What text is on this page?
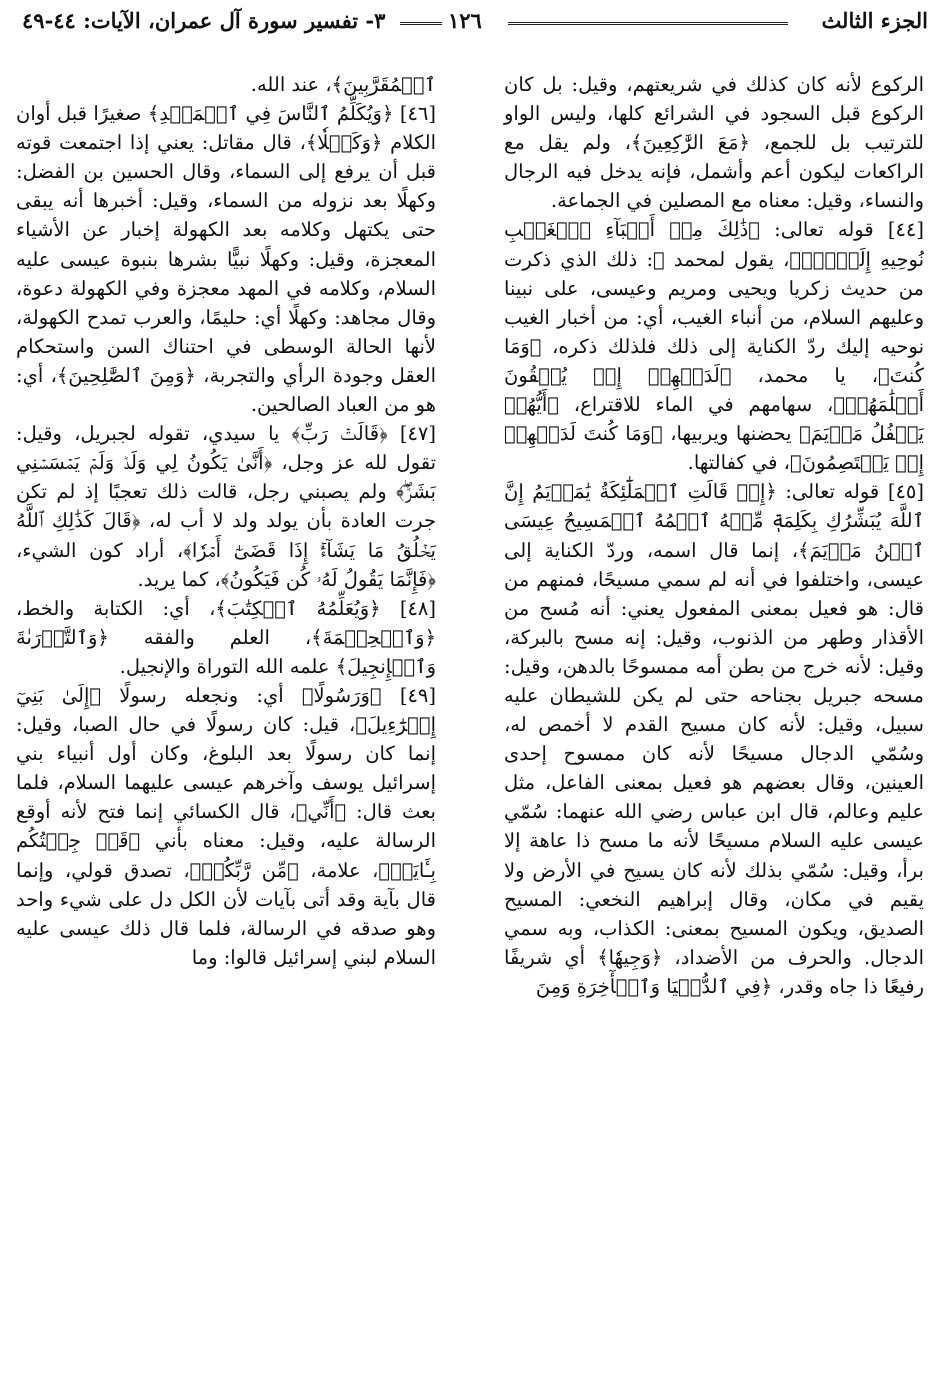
الجزء الثالث
١٢٦
٣- تفسير سورة آل عمران، الآيات: ٤٤-٤٩

الركوع لأنه كان كذلك في شريعتهم، وقيل: بل كان الركوع قبل السجود في الشرائع كلها، وليس الواو للترتيب بل للجمع، ﴿مَعَ الرَّٰكِعِينَ﴾، ولم يقل مع الراكعات ليكون أعم وأشمل، فإنه يدخل فيه الرجال والنساء، وقيل: معناه مع المصلين في الجماعة.

[٤٤] قوله تعالى: ﴿ذَٰلِكَ مِنۡ أَنۢبَآءِ ٱلۡغَيۡبِ نُوحِيهِ إِلَيۡكَۚ﴾، يقول لمحمد ﷺ: ذلك الذي ذكرت من حديث زكريا ويحيى ومريم وعيسى، على نبينا وعليهم السلام، من أنباء الغيب، أي: من أخبار الغيب نوحيه إليك ردّ الكناية إلى ذلك فلذلك ذكره، ﴿وَمَا كُنتَ﴾، يا محمد، ﴿لَدَيۡهِمۡ إِذۡ يُلۡقُونَ أَقۡلَٰمَهُمۡ﴾، سهامهم في الماء للاقتراع، ﴿أَيُّهُمۡ يَكۡفُلُ مَرۡيَمَ﴾ يحضنها ويربيها، ﴿وَمَا كُنتَ لَدَيۡهِمۡ إِذۡ يَخۡتَصِمُونَ﴾، في كفالتها.

[٤٥] قوله تعالى: ﴿إِذۡ قَالَتِ ٱلۡمَلَٰٓئِكَةُ يَٰمَرۡيَمُ إِنَّ ٱللَّهَ يُبَشِّرُكِ بِكَلِمَةٖ مِّنۡهُ ٱسۡمُهُ ٱلۡمَسِيحُ عِيسَى ٱبۡنُ مَرۡيَمَ﴾، إنما قال اسمه، وردّ الكناية إلى عيسى، واختلفوا في أنه لم سمي مسيحًا، فمنهم من قال: هو فعيل بمعنى المفعول يعني: أنه مُسح من الأقذار وطهر من الذنوب، وقيل: إنه مسح بالبركة، وقيل: لأنه خرج من بطن أمه ممسوحًا بالدهن، وقيل: مسحه جبريل بجناحه حتى لم يكن للشيطان عليه سبيل، وقيل: لأنه كان مسيح القدم لا أخمص له، وسُمّي الدجال مسيحًا لأنه كان ممسوح إحدى العينين، وقال بعضهم هو فعيل بمعنى الفاعل، مثل عليم وعالم، قال ابن عباس رضي الله عنهما: سُمّي عيسى عليه السلام مسيحًا لأنه ما مسح ذا عاهة إلا برأ، وقيل: سُمّي بذلك لأنه كان يسيح في الأرض ولا يقيم في مكان، وقال إبراهيم النخعي: المسيح الصديق، ويكون المسيح بمعنى: الكذاب، وبه سمي الدجال. والحرف من الأضداد، ﴿وَجِيهٗا﴾ أي شريفًا رفيعًا ذا جاه وقدر، ﴿فِي ٱلدُّنۡيَا وَٱلۡأٓخِرَةِ وَمِنَ

ٱلۡمُقَرَّبِينَ﴾، عند الله.

[٤٦] ﴿وَيُكَلِّمُ ٱلنَّاسَ فِي ٱلۡمَهۡدِ﴾ صغيرًا قبل أوان الكلام ﴿وَكَهۡلٗا﴾، قال مقاتل: يعني إذا اجتمعت قوته قبل أن يرفع إلى السماء، وقال الحسين بن الفضل: وكهلًا بعد نزوله من السماء، وقيل: أخبرها أنه يبقى حتى يكتهل وكلامه بعد الكهولة إخبار عن الأشياء المعجزة، وقيل: وكهلًا نبيًّا بشرها بنبوة عيسى عليه السلام، وكلامه في المهد معجزة وفي الكهولة دعوة، وقال مجاهد: وكهلًا أي: حليمًا، والعرب تمدح الكهولة، لأنها الحالة الوسطى في احتناك السن واستحكام العقل وجودة الرأي والتجربة، ﴿وَمِنَ ٱلصَّٰلِحِينَ﴾، أي: هو من العباد الصالحين.

[٤٧] ﴿قَالَتۡ رَبِّ﴾ يا سيدي، تقوله لجبريل، وقيل: تقول لله عز وجل، ﴿أَنَّىٰ يَكُونُ لِي وَلَدٞ وَلَمۡ يَمۡسَسۡنِي بَشَرٞۖ﴾ ولم يصبني رجل، قالت ذلك تعجبًا إذ لم تكن جرت العادة بأن يولد ولد لا أب له، ﴿قَالَ كَذَٰلِكِ ٱللَّهُ يَخۡلُقُ مَا يَشَآءُۚ إِذَا قَضَىٰٓ أَمۡرٗا﴾، أراد كون الشيء، ﴿فَإِنَّمَا يَقُولُ لَهُۥ كُن فَيَكُونُ﴾، كما يريد.

[٤٨] ﴿وَيُعَلِّمُهُ ٱلۡكِتَٰبَ﴾، أي: الكتابة والخط، ﴿وَٱلۡحِكۡمَةَ﴾، العلم والفقه ﴿وَٱلتَّوۡرَىٰةَ وَٱلۡإِنجِيلَ﴾ علمه الله التوراة والإنجيل.

[٤٩] ﴿وَرَسُولًا﴾ أي: ونجعله رسولًا ﴿إِلَىٰ بَنِيٓ إِسۡرَٰٓءِيلَ﴾، قيل: كان رسولًا في حال الصبا، وقيل: إنما كان رسولًا بعد البلوغ، وكان أول أنبياء بني إسرائيل يوسف وآخرهم عيسى عليهما السلام، فلما بعث قال: ﴿أَنِّي﴾، قال الكسائي إنما فتح لأنه أوقع الرسالة عليه، وقيل: معناه بأني ﴿قَدۡ جِئۡتُكُم بِـَٔايَةٖ﴾، علامة، ﴿مِّن رَّبِّكُمۡ﴾، تصدق قولي، وإنما قال بآية وقد أتى بآيات لأن الكل دل على شيء واحد وهو صدقه في الرسالة، فلما قال ذلك عيسى عليه السلام لبني إسرائيل قالوا: وما
